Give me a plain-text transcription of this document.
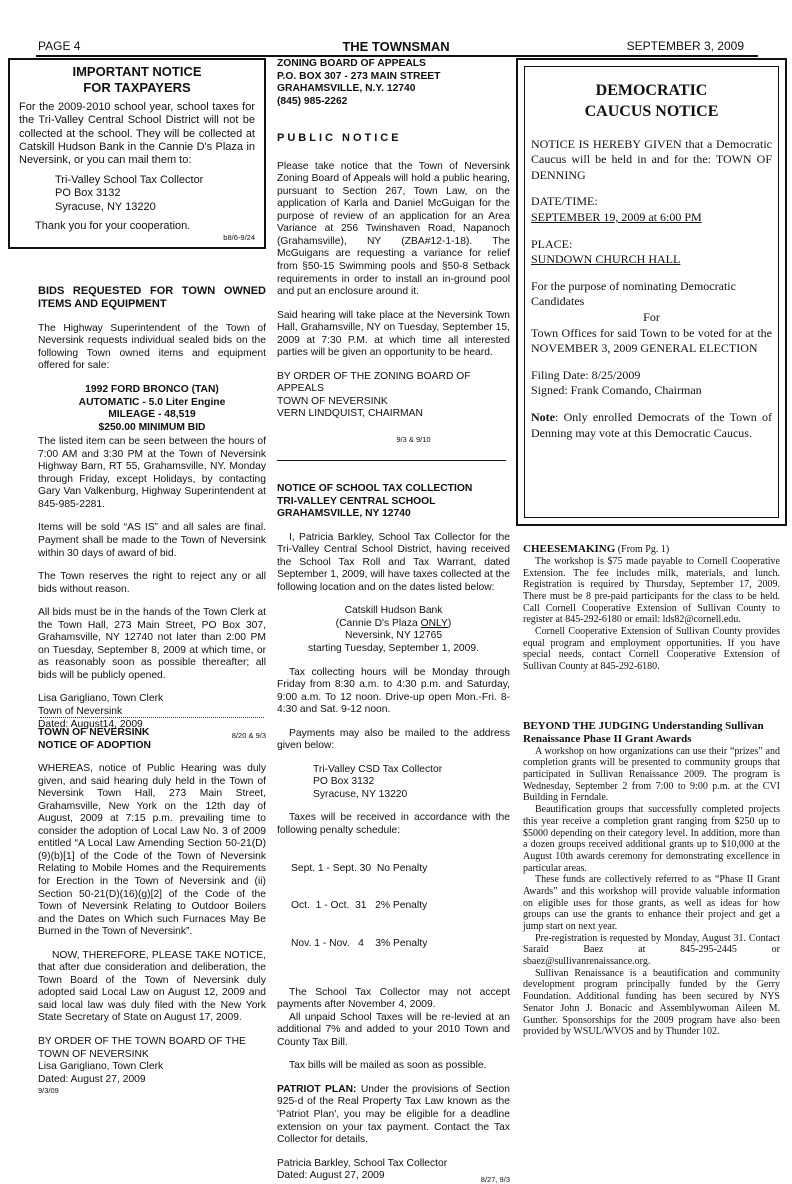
PAGE 4	THE TOWNSMAN	SEPTEMBER 3, 2009
IMPORTANT NOTICE
FOR TAXPAYERS

For the 2009-2010 school year, school taxes for the Tri-Valley Central School District will not be collected at the school. They will be collected at Catskill Hudson Bank in the Cannie D's Plaza in Neversink, or you can mail them to:

Tri-Valley School Tax Collector
PO Box 3132
Syracuse, NY 13220
Thank you for your cooperation.
b8/6-9/24
BIDS REQUESTED FOR TOWN OWNED ITEMS AND EQUIPMENT

The Highway Superintendent of the Town of Neversink requests individual sealed bids on the following Town owned items and equipment offered for sale:

1992 FORD BRONCO (TAN)
AUTOMATIC - 5.0 Liter Engine
MILEAGE - 48,519
$250.00 MINIMUM BID

The listed item can be seen between the hours of 7:00 AM and 3:30 PM at the Town of Neversink Highway Barn, RT 55, Grahamsville, NY. Monday through Friday, except Holidays, by contacting Gary Van Valkenburg, Highway Superintendent at 845-985-2281.

Items will be sold “AS IS” and all sales are final. Payment shall be made to the Town of Neversink within 30 days of award of bid.

The Town reserves the right to reject any or all bids without reason.

All bids must be in the hands of the Town Clerk at the Town Hall, 273 Main Street, PO Box 307, Grahamsville, NY 12740 not later than 2:00 PM on Tuesday, September 8, 2009 at which time, or as reasonably soon as possible thereafter; all bids will be publicly opened.

Lisa Garigliano, Town Clerk
Town of Neversink
Dated: August14, 2009
8/20 & 9/3
TOWN OF NEVERSINK
NOTICE OF ADOPTION

WHEREAS, notice of Public Hearing was duly given, and said hearing duly held in the Town of Neversink Town Hall, 273 Main Street, Grahamsville, New York on the 12th day of August, 2009 at 7:15 p.m. prevailing time to consider the adoption of Local Law No. 3 of 2009 entitled “A Local Law Amending Section 50-21(D)(9)(b)[1] of the Code of the Town of Neversink Relating to Mobile Homes and the Requirements for Erection in the Town of Neversink and (ii) Section 50-21(D)(16)(g)[2] of the Code of the Town of Neversink Relating to Outdoor Boilers and the Dates on Which such Furnaces May Be Burned in the Town of Neversink”.

NOW, THEREFORE, PLEASE TAKE NOTICE, that after due consideration and deliberation, the Town Board of the Town of Neversink duly adopted said Local Law on August 12, 2009 and said local law was duly filed with the New York State Secretary of State on August 17, 2009.

BY ORDER OF THE TOWN BOARD OF THE TOWN OF NEVERSINK
Lisa Garigliano, Town Clerk
Dated: August 27, 2009
9/3/09
ZONING BOARD OF APPEALS
P.O. BOX 307 - 273 MAIN STREET
GRAHAMSVILLE, N.Y. 12740
(845) 985-2262
PUBLIC NOTICE

Please take notice that the Town of Neversink Zoning Board of Appeals will hold a public hearing, pursuant to Section 267, Town Law, on the application of Karla and Daniel McGuigan for the purpose of review of an application for an Area Variance at 256 Twinshaven Road, Napanoch (Grahamsville), NY (ZBA#12-1-18). The McGuigans are requesting a variance for relief from §50-15 Swimming pools and §50-8 Setback requirements in order to install an in-ground pool and put an enclosure around it.

Said hearing will take place at the Neversink Town Hall, Grahamsville, NY on Tuesday, September 15, 2009 at 7:30 P.M. at which time all interested parties will be given an opportunity to be heard.

BY ORDER OF THE ZONING BOARD OF APPEALS
TOWN OF NEVERSINK
VERN LINDQUIST, CHAIRMAN
9/3 & 9/10
NOTICE OF SCHOOL TAX COLLECTION
TRI-VALLEY CENTRAL SCHOOL
GRAHAMSVILLE, NY 12740

I, Patricia Barkley, School Tax Collector for the Tri-Valley Central School District, having received the School Tax Roll and Tax Warrant, dated September 1, 2009, will have taxes collected at the following location and on the dates listed below:

Catskill Hudson Bank
(Cannie D's Plaza ONLY)
Neversink, NY 12765
starting Tuesday, September 1, 2009.

Tax collecting hours will be Monday through Friday from 8:30 a.m. to 4:30 p.m. and Saturday, 9:00 a.m. To 12 noon. Drive-up open Mon.-Fri. 8-4:30 and Sat. 9-12 noon.

Payments may also be mailed to the address given below:

Tri-Valley CSD Tax Collector
PO Box 3132
Syracuse, NY 13220

Taxes will be received in accordance with the following penalty schedule:

Sept. 1 - Sept. 30  No Penalty

Oct.  1 - Oct.  31   2% Penalty

Nov. 1 - Nov.   4    3% Penalty

The School Tax Collector may not accept payments after November 4, 2009.

All unpaid School Taxes will be re-levied at an additional 7% and added to your 2010 Town and County Tax Bill.

Tax bills will be mailed as soon as possible.

PATRIOT PLAN: Under the provisions of Section 925-d of the Real Property Tax Law known as the 'Patriot Plan', you may be eligible for a deadline extension on your tax payment. Contact the Tax Collector for details.

Patricia Barkley, School Tax Collector
Dated: August 27, 2009	8/27, 9/3
DEMOCRATIC
CAUCUS NOTICE

NOTICE IS HEREBY GIVEN that a Democratic Caucus will be held in and for the: TOWN OF DENNING

DATE/TIME:
SEPTEMBER 19, 2009 at 6:00 PM
PLACE:
SUNDOWN CHURCH HALL

For the purpose of nominating Democratic Candidates

For

Town Offices for said Town to be voted for at the NOVEMBER 3, 2009 GENERAL ELECTION

Filing Date: 8/25/2009
Signed: Frank Comando, Chairman

Note: Only enrolled Democrats of the Town of Denning may vote at this Democratic Caucus.

CHEESEMAKING (From Pg. 1)

The workshop is $75 made payable to Cornell Cooperative Extension. The fee includes milk, materials, and lunch. Registration is required by Thursday, September 17, 2009. There must be 8 pre-paid participants for the class to be held. Call Cornell Cooperative Extension of Sullivan County to register at 845-292-6180 or email: lds82@cornell.edu.

Cornell Cooperative Extension of Sullivan County provides equal program and employment opportunities. If you have special needs, contact Cornell Cooperative Extension of Sullivan County at 845-292-6180.

BEYOND THE JUDGING Understanding Sullivan Renaissance Phase II Grant Awards

A workshop on how organizations can use their “prizes” and completion grants will be presented to community groups that participated in Sullivan Renaissance 2009. The program is Wednesday, September 2 from 7:00 to 9:00 p.m. at the CVI Building in Ferndale.

Beautification groups that successfully completed projects this year receive a completion grant ranging from $250 up to $5000 depending on their category level. In addition, more than a dozen groups received additional grants up to $10,000 at the August 10th awards ceremony for demonstrating excellence in particular areas.

These funds are collectively referred to as “Phase II Grant Awards” and this workshop will provide valuable information on eligible uses for those grants, as well as ideas for how groups can use the grants to enhance their project and get a jump start on next year.

Pre-registration is requested by Monday, August 31. Contact Saraid Baez at 845-295-2445 or sbaez@sullivanrenaissance.org.

Sullivan Renaissance is a beautification and community development program principally funded by the Gerry Foundation. Additional funding has been secured by NYS Senator John J. Bonacic and Assemblywoman Aileen M. Gunther. Sponsorships for the 2009 program have also been provided by WSUL/WVOS and by Thunder 102.
